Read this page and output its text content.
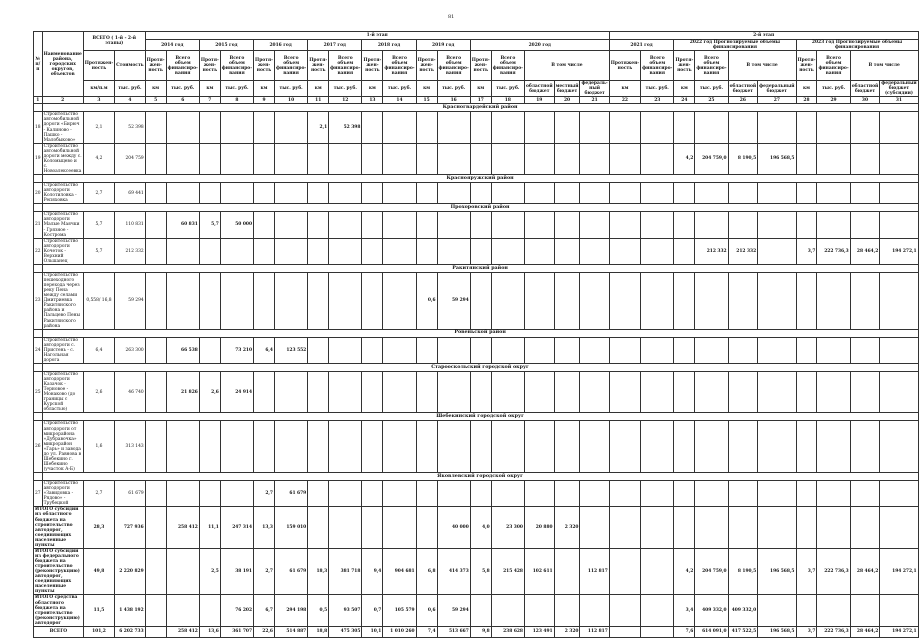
81
№ п/п	Наименование района, городских округов, объектов	ВСЕГО ( 1-й - 2-й этапы)		1-й этап																	2-й этап									
				2014 год		2015 год		2016 год		2017 год		2018 год		2019 год		2020 год					2021 год		2022 год Прогнозируемые объемы финансирования				2023 год Прогнозируемые объемы финансирования			
		Протяжен- ность	Стоимость	Протя- жен- ность	Всего объем финансиро- вания	Протя- жен- ность	Всего объем финансиро- вания	Протя- жен- ность	Всего объем финансиро- вания	Протя- жен- ность	Всего объем финансиро- вания	Протя- жен- ность	Всего объем финансиро- вания	Протя- жен- ность	Всего объем финансиро- вания	Протя- жен- ность	Всего объем финансиро- вания	В том числе			Протяжен- ность	Всего объем финансиро- вания	Протя- жен- ность	Всего объем финансиро- вания	В том числе		Протя- жен- ность	Всего объем финансиро- вания	В том числе	
		км/п.м	тыс. руб.	км	тыс. руб.	км	тыс. руб.	км	тыс. руб.	км	тыс. руб.	км	тыс. руб.	км	тыс. руб.	км	тыс. руб.	областной бюджет	местный бюджет	федераль- ный бюджет	км	тыс. руб.	км	тыс. руб.	областной бюджет	федеральный бюджет	км	тыс. руб.	областной бюджет	федеральный бюджет (субсидии)
1	2	3	4	5	6	7	8	9	10	11	12	13	14	15	16	17	18	19	20	21	22	23	24	25	26	27	28	29	30	31
	Красногвардейский район																													
18	Строительство автомобильной дороги «Бирюч - Калиново - Пашко - Малобыково»	2,1	52 398							2,1	52 398																			
19	Строительство автомобильной дороги между с. Коломыцево и с. Новоалексеевка	4,2	204 759																				4,2	204 759,0	8 190,5	196 568,5				
	Краснояружский район																													
20	Строительство автодороги Колотиловка - Репяховка	2,7	69 441																											
	Прохоровский район																													
21	Строительство автодороги Малые Маячки - Грязное - Кострома	5,7	110 831		60 831	5,7	50 000																							
22	Строительство автодороги Кочеток - Верхний Ольшанец	5,7	212 332																					212 332	212 332		3,7	222 736,3	28 464,2	194 272,1
	Ракитянский район																													
23	Строительство пешеходного перехода через реку Пена между селами Дмитриевка Ракитянского района и Пальцево Пены Ракитянского района	0,558/ 16,8	59 294											0,6	59 294															
	Ровеньской район																													
24	Строительство автодороги с. Пристень - с. Нагольная дорога	6,4	263 300		66 538		73 210	6,4	123 552																					
	Старооскольский городской округ																													
25	Строительство автодороги Казачок - Терновое - Монаково (до границы с Курской областью)	2,6	46 740		21 826	2,6	24 914																							
	Шебекинский городской округ																													
26	Строительство автодороги от микрорайона «Дубравочка» микрорайон «Гарь» и завода до ул. Равнова в Шебекино г. Шебекино (участок А-Б)	1,6	313 143																											
	Яковлевский городской округ																													
27	Строительство автодороги «Завидовка - Рядово» - Трубецкой	2,7	61 679					2,7	61 679																					
ИТОГО субсидии из областного бюджета на строительство автодорог, соединяющих населенные пункты		28,3	727 936		258 412	11,1	247 314	13,3	159 010						40 000	4,0	23 300	20 880	2 320											
ИТОГО субсидии из федерального бюджета на строительство (реконструкцию) автодорог, соединяющих населенные пункты		49,8	2 220 829			2,5	38 191	2,7	61 679	18,3	381 718	9,4	904 681	6,8	414 373	5,8	215 428	102 611		112 817			4,2	204 759,0	8 190,5	196 568,5	3,7	222 736,3	28 464,2	194 272,1
ИТОГО средства областного бюджета на строительство (реконструкцию) автодорог		11,5	1 438 192				76 202	6,7	294 198	0,5	93 507	0,7	105 579	0,6	59 294								3,4	409 332,0	409 332,0					
ВСЕГО		101,2	6 202 733		258 412	13,6	361 707	22,6	514 887	18,8	475 305	10,1	1 010 260	7,4	513 667	9,8	238 628	123 491	2 320	112 817			7,6	614 091,0	417 522,5	196 568,5	3,7	222 736,3	28 464,2	194 272,1
